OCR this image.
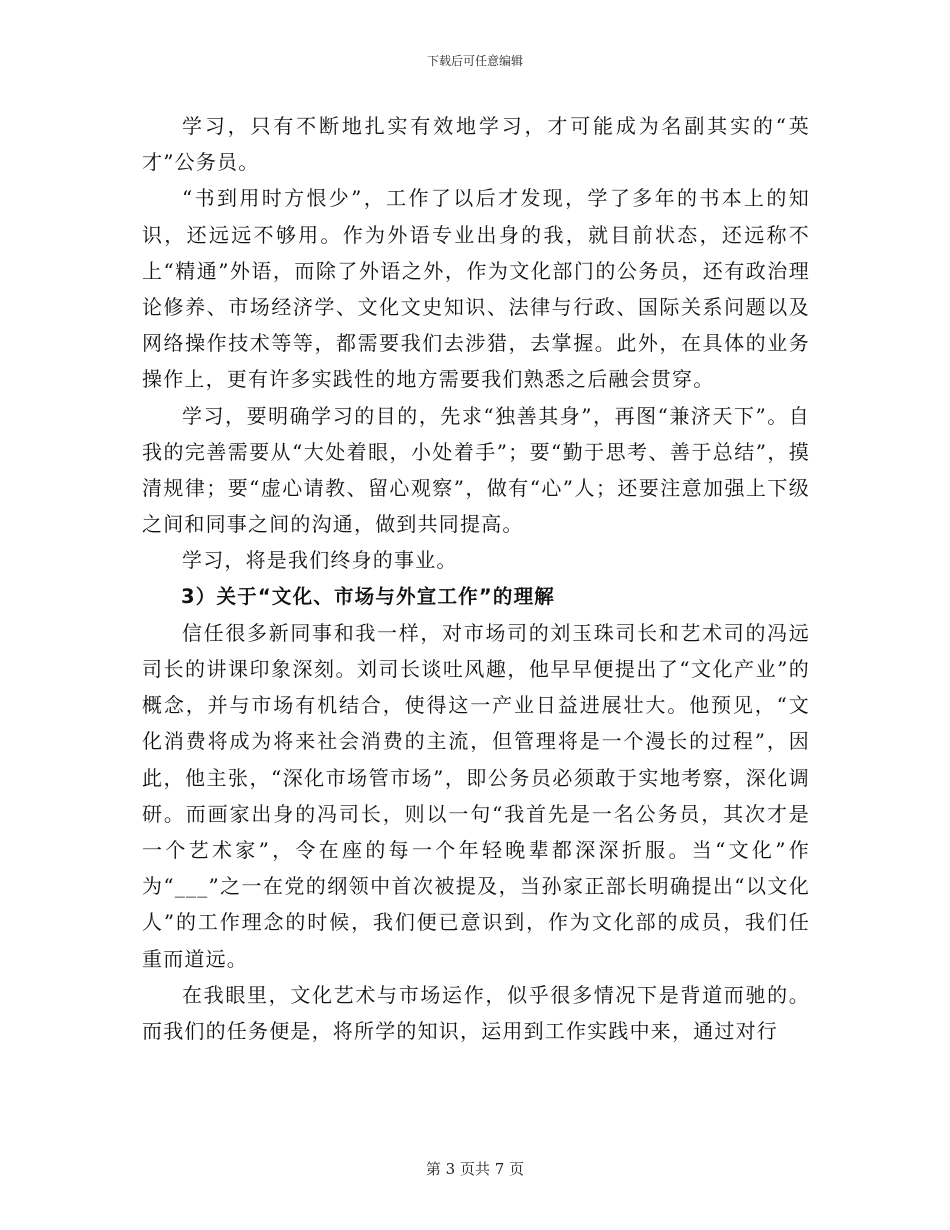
下载后可任意编辑

学习，只有不断地扎实有效地学习，才可能成为名副其实的“英才”公务员。

“书到用时方恨少”，工作了以后才发现，学了多年的书本上的知识，还远远不够用。作为外语专业出身的我，就目前状态，还远称不上“精通”外语，而除了外语之外，作为文化部门的公务员，还有政治理论修养、市场经济学、文化文史知识、法律与行政、国际关系问题以及网络操作技术等等，都需要我们去涉猎，去掌握。此外，在具体的业务操作上，更有许多实践性的地方需要我们熟悉之后融会贯穿。

学习，要明确学习的目的，先求“独善其身”，再图“兼济天下”。自我的完善需要从“大处着眼，小处着手”；要“勤于思考、善于总结”，摸清规律；要“虚心请教、留心观察”，做有“心”人；还要注意加强上下级之间和同事之间的沟通，做到共同提高。

学习，将是我们终身的事业。

3）关于“文化、市场与外宣工作”的理解

信任很多新同事和我一样，对市场司的刘玉珠司长和艺术司的冯远司长的讲课印象深刻。刘司长谈吐风趣，他早早便提出了“文化产业”的概念，并与市场有机结合，使得这一产业日益进展壮大。他预见，“文化消费将成为将来社会消费的主流，但管理将是一个漫长的过程”，因此，他主张，“深化市场管市场”，即公务员必须敢于实地考察，深化调研。而画家出身的冯司长，则以一句“我首先是一名公务员，其次才是一个艺术家”，令在座的每一个年轻晚辈都深深折服。当“文化”作为“___”之一在党的纲领中首次被提及，当孙家正部长明确提出“以文化人”的工作理念的时候，我们便已意识到，作为文化部的成员，我们任重而道远。

在我眼里，文化艺术与市场运作，似乎很多情况下是背道而驰的。而我们的任务便是，将所学的知识，运用到工作实践中来，通过对行

第 3 页共 7 页
